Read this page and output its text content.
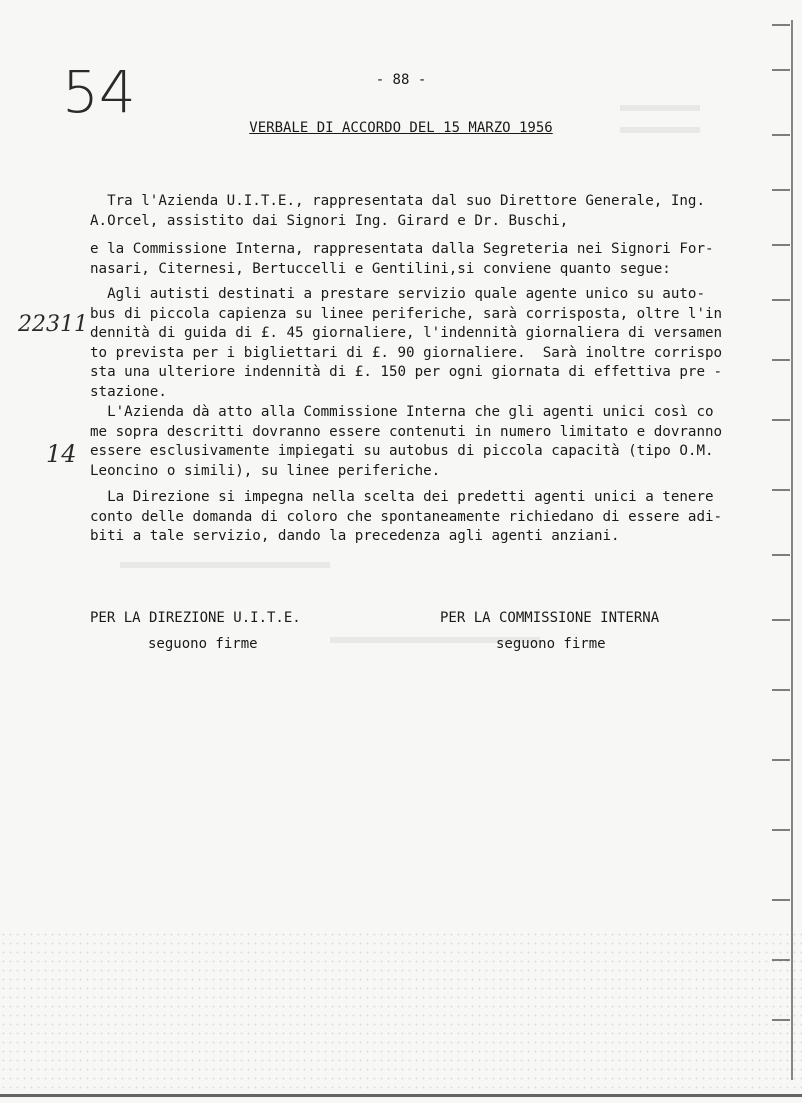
54
22311
14
- 88 -
VERBALE DI ACCORDO DEL 15 MARZO 1956
Tra l'Azienda U.I.T.E., rappresentata dal suo Direttore Generale, Ing.
A.Orcel, assistito dai Signori Ing. Girard e Dr. Buschi,
e la Commissione Interna, rappresentata dalla Segreteria nei Signori For-
nasari, Citernesi, Bertuccelli e Gentilini,si conviene quanto segue:
Agli autisti destinati a prestare servizio quale agente unico su auto-
bus di piccola capienza su linee periferiche, sarà corrisposta, oltre l'in
dennità di guida di £. 45 giornaliere, l'indennità giornaliera di versamen
to prevista per i bigliettari di £. 90 giornaliere.  Sarà inoltre corrispo
sta una ulteriore indennità di £. 150 per ogni giornata di effettiva pre -
stazione.
L'Azienda dà atto alla Commissione Interna che gli agenti unici così co
me sopra descritti dovranno essere contenuti in numero limitato e dovranno
essere esclusivamente impiegati su autobus di piccola capacità (tipo O.M.
Leoncino o simili), su linee periferiche.
La Direzione si impegna nella scelta dei predetti agenti unici a tenere
conto delle domanda di coloro che spontaneamente richiedano di essere adi-
biti a tale servizio, dando la precedenza agli agenti anziani.
PER LA DIREZIONE U.I.T.E.
seguono firme
PER LA COMMISSIONE INTERNA
seguono firme
